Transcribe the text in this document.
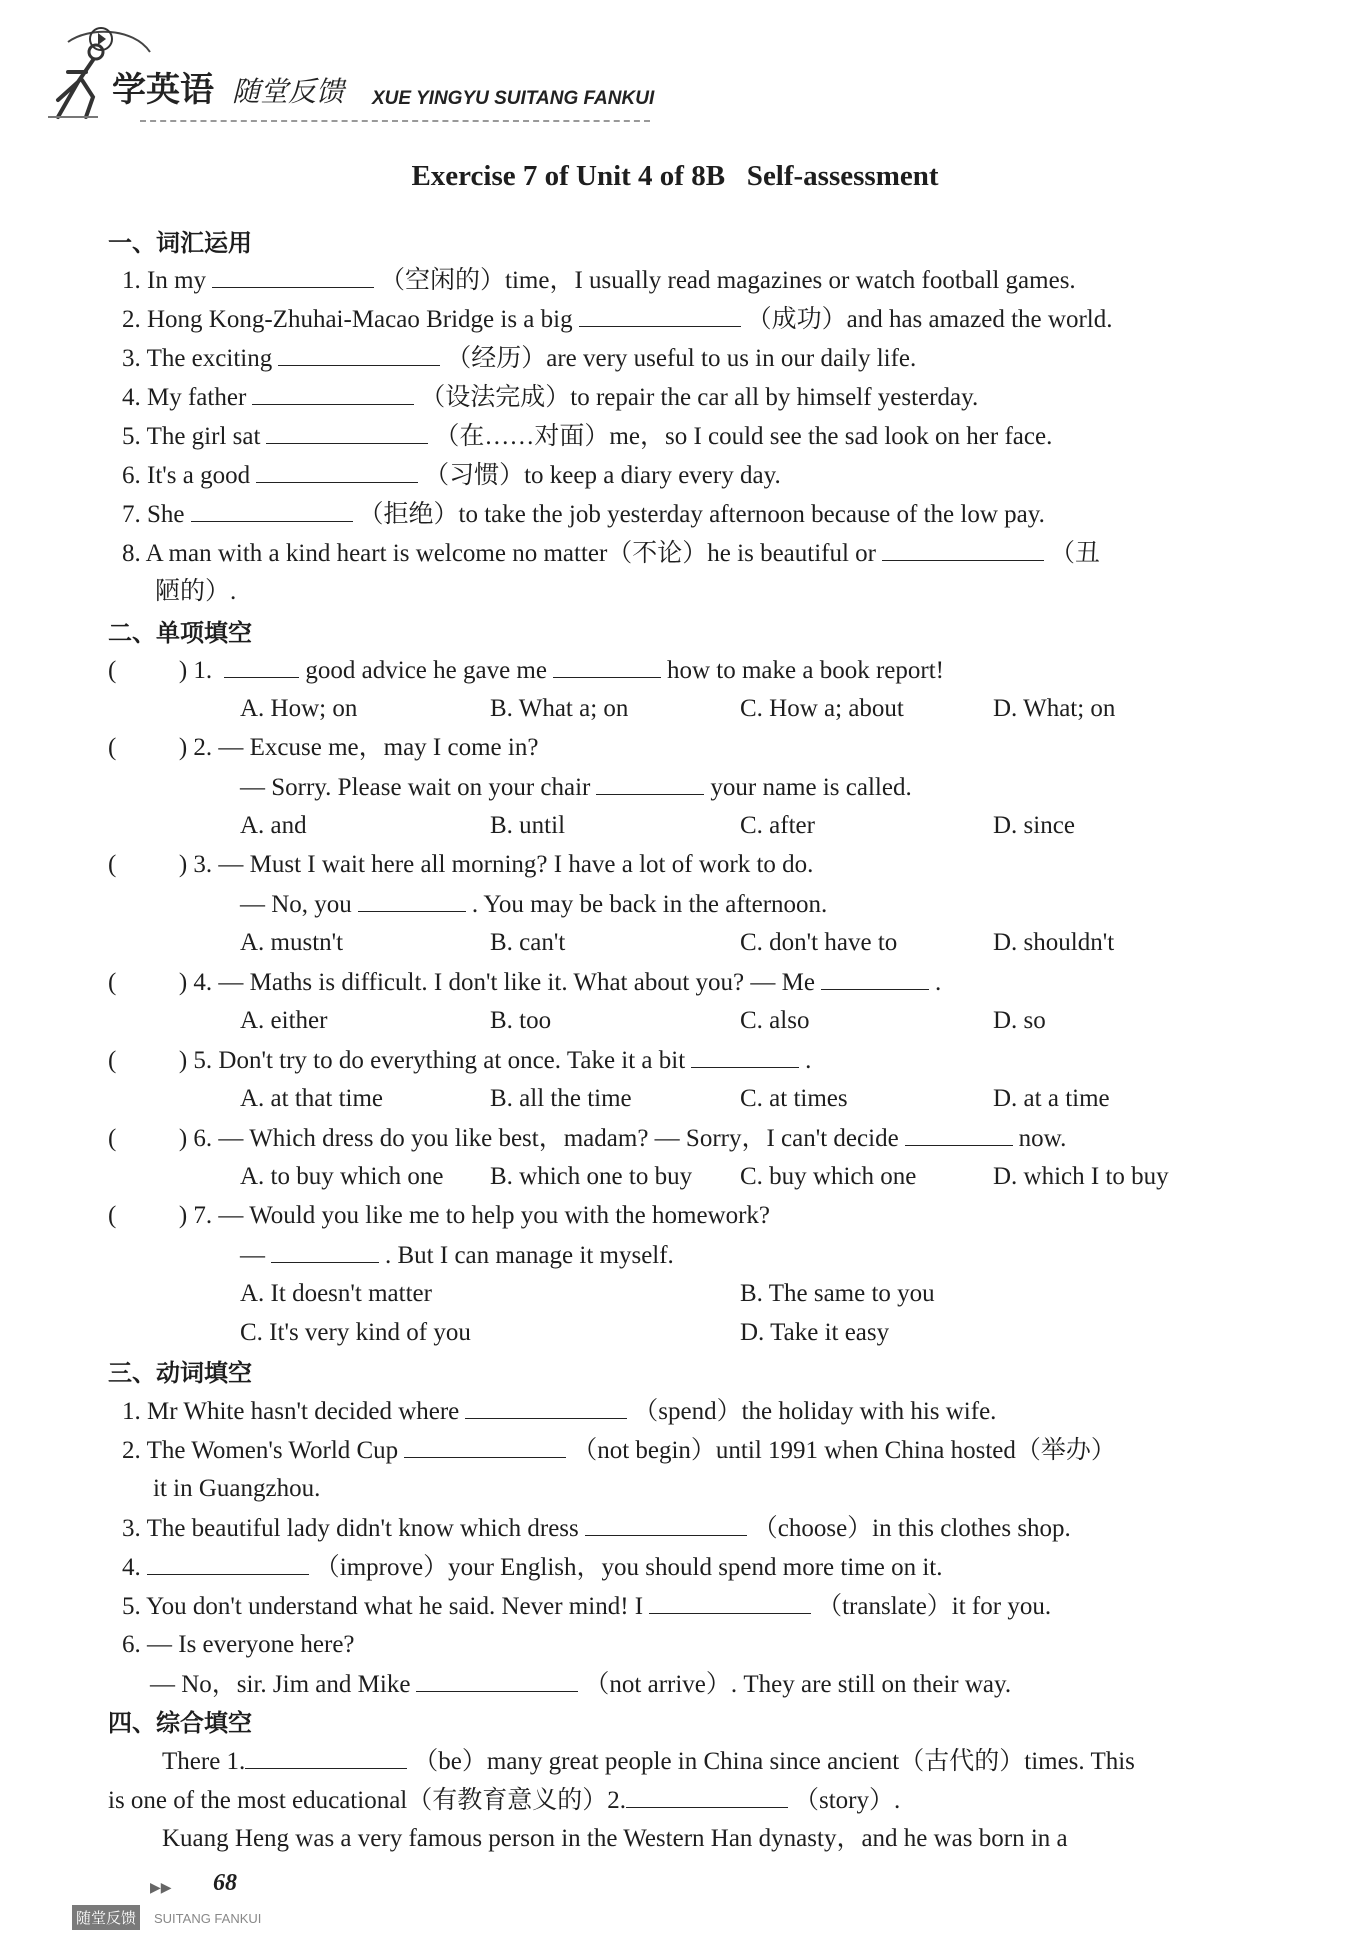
学英语 随堂反馈 XUE YINGYU SUITANG FANKUI
Exercise 7 of Unit 4 of 8B   Self-assessment
一、词汇运用
1. In my	（空闲的）time，I usually read magazines or watch football games.
2. Hong Kong-Zhuhai-Macao Bridge is a big	（成功）and has amazed the world.
3. The exciting	（经历）are very useful to us in our daily life.
4. My father	（设法完成）to repair the car all by himself yesterday.
5. The girl sat	（在……对面）me，so I could see the sad look on her face.
6. It's a good	（习惯）to keep a diary every day.
7. She	（拒绝）to take the job yesterday afternoon because of the low pay.
8. A man with a kind heart is welcome no matter（不论）he is beautiful or	（丑
陋的）.
二、单项填空
(          ) 1.	good advice he gave me	how to make a book report!
A. How; on	B. What a; on	C. How a; about	D. What; on
(          ) 2. — Excuse me，may I come in?
— Sorry. Please wait on your chair	your name is called.
A. and	B. until	C. after	D. since
(          ) 3. — Must I wait here all morning? I have a lot of work to do.
— No, you	. You may be back in the afternoon.
A. mustn't	B. can't	C. don't have to	D. shouldn't
(          ) 4. — Maths is difficult. I don't like it. What about you? — Me	.
A. either	B. too	C. also	D. so
(          ) 5. Don't try to do everything at once. Take it a bit	.
A. at that time	B. all the time	C. at times	D. at a time
(          ) 6. — Which dress do you like best，madam? — Sorry，I can't decide	now.
A. to buy which one B. which one to buy C. buy which one	D. which I to buy
(          ) 7. — Would you like me to help you with the homework?
—	. But I can manage it myself.
A. It doesn't matter	B. The same to you
C. It's very kind of you	D. Take it easy
三、动词填空
1. Mr White hasn't decided where	（spend）the holiday with his wife.
2. The Women's World Cup	（not begin）until 1991 when China hosted（举办）
it in Guangzhou.
3. The beautiful lady didn't know which dress	（choose）in this clothes shop.
4.	（improve）your English，you should spend more time on it.
5. You don't understand what he said. Never mind! I	（translate）it for you.
6. — Is everyone here?
— No，sir. Jim and Mike	（not arrive）. They are still on their way.
四、综合填空
There 1.	（be）many great people in China since ancient（古代的）times. This
is one of the most educational（有教育意义的）2.	（story）.
Kuang Heng was a very famous person in the Western Han dynasty，and he was born in a
▶▶ 68
随堂反馈	SUITANG FANKUI
